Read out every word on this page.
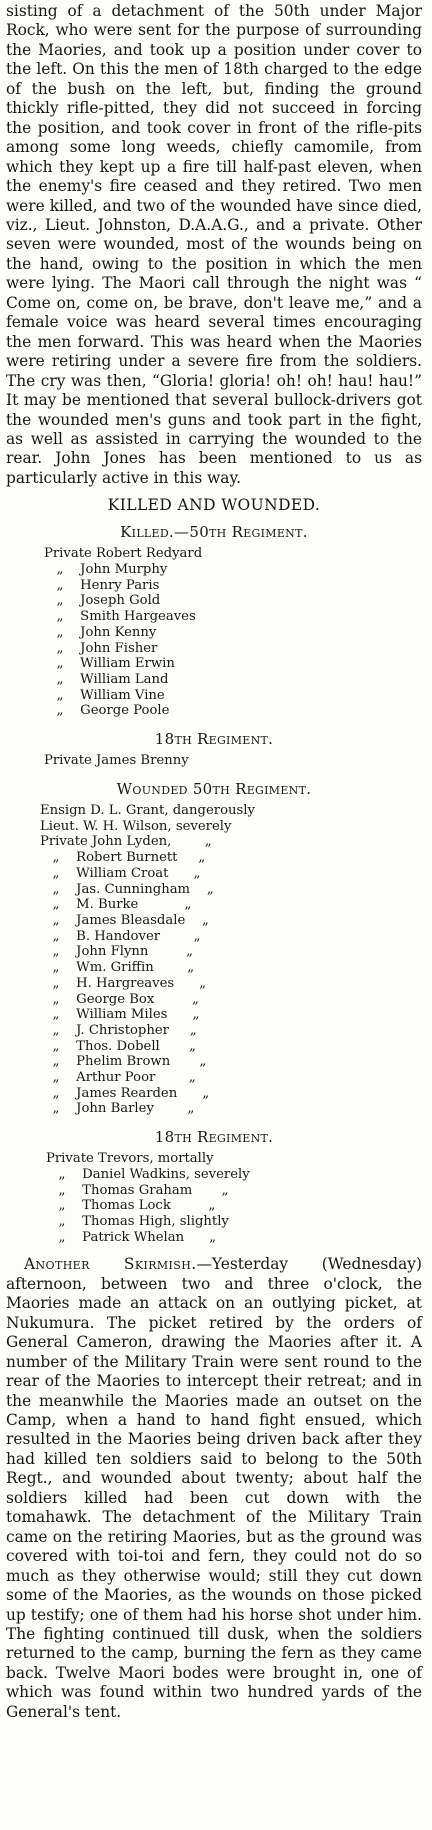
sisting of a detachment of the 50th under Major Rock, who were sent for the purpose of surrounding the Maories, and took up a position under cover to the left. On this the men of 18th charged to the edge of the bush on the left, but, finding the ground thickly rifle-pitted, they did not succeed in forcing the position, and took cover in front of the rifle-pits among some long weeds, chiefly camomile, from which they kept up a fire till half-past eleven, when the enemy's fire ceased and they retired. Two men were killed, and two of the wounded have since died, viz., Lieut. Johnston, D.A.A.G., and a private. Other seven were wounded, most of the wounds being on the hand, owing to the position in which the men were lying. The Maori call through the night was “ Come on, come on, be brave, don't leave me,” and a female voice was heard several times encouraging the men forward. This was heard when the Maories were retiring under a severe fire from the soldiers. The cry was then, “Gloria! gloria! oh! oh! hau! hau!” It may be mentioned that several bullock-drivers got the wounded men's guns and took part in the fight, as well as assisted in carrying the wounded to the rear. John Jones has been mentioned to us as particularly active in this way.

KILLED AND WOUNDED.
Killed.—50th Regiment.
Private Robert Redyard
„    John Murphy
„    Henry Paris
„    Joseph Gold
„    Smith Hargeaves
„    John Kenny
„    John Fisher
„    William Erwin
„    William Land
„    William Vine
„    George Poole
18th Regiment.

Private James Brenny

Wounded 50th Regiment.
Ensign D. L. Grant, dangerously
Lieut. W. H. Wilson, severely
Private John Lyden,        „
„    Robert Burnett     „
„    William Croat      „
„    Jas. Cunningham    „
„    M. Burke           „
„    James Bleasdale    „
„    B. Handover        „
„    John Flynn         „
„    Wm. Griffin        „
„    H. Hargreaves      „
„    George Box         „
„    William Miles      „
„    J. Christopher     „
„    Thos. Dobell       „
„    Phelim Brown       „
„    Arthur Poor        „
„    James Rearden      „
„    John Barley        „
18th Regiment.
Private Trevors, mortally
„    Daniel Wadkins, severely
„    Thomas Graham       „
„    Thomas Lock         „
„    Thomas High, slightly
„    Patrick Whelan      „

Another Skirmish.—Yesterday (Wednesday) afternoon, between two and three o'clock, the Maories made an attack on an outlying picket, at Nukumura. The picket retired by the orders of General Cameron, drawing the Maories after it. A number of the Military Train were sent round to the rear of the Maories to intercept their retreat; and in the meanwhile the Maories made an outset on the Camp, when a hand to hand fight ensued, which resulted in the Maories being driven back after they had killed ten soldiers said to belong to the 50th Regt., and wounded about twenty; about half the soldiers killed had been cut down with the tomahawk. The detachment of the Military Train came on the retiring Maories, but as the ground was covered with toi-toi and fern, they could not do so much as they otherwise would; still they cut down some of the Maories, as the wounds on those picked up testify; one of them had his horse shot under him. The fighting continued till dusk, when the soldiers returned to the camp, burning the fern as they came back. Twelve Maori bodes were brought in, one of which was found within two hundred yards of the General's tent.
